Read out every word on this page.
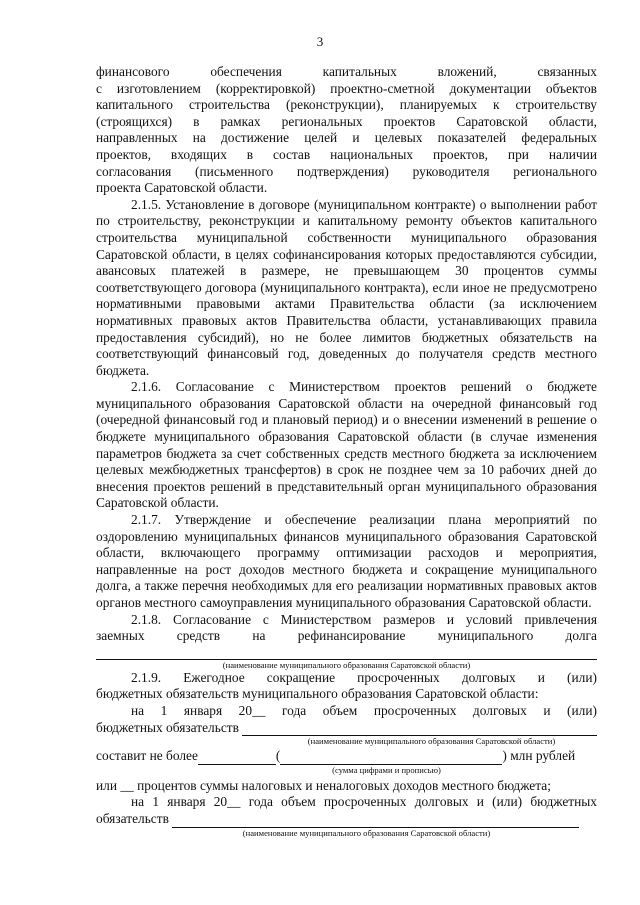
3
финансового обеспечения капитальных вложений, связанных
с изготовлением (корректировкой) проектно-сметной документации объектов
капитального строительства (реконструкции), планируемых к строительству
(строящихся) в рамках региональных проектов Саратовской области,
направленных на достижение целей и целевых показателей федеральных
проектов, входящих в состав национальных проектов, при наличии
согласования (письменного подтверждения) руководителя регионального
проекта Саратовской области.

2.1.5. Установление в договоре (муниципальном контракте) о выполнении работ по строительству, реконструкции и капитальному ремонту объектов капитального строительства муниципальной собственности муниципального образования Саратовской области, в целях софинансирования которых предоставляются субсидии, авансовых платежей в размере, не превышающем 30 процентов суммы соответствующего договора (муниципального контракта), если иное не предусмотрено нормативными правовыми актами Правительства области (за исключением нормативных правовых актов Правительства области, устанавливающих правила предоставления субсидий), но не более лимитов бюджетных обязательств на соответствующий финансовый год, доведенных до получателя средств местного бюджета.

2.1.6. Согласование с Министерством проектов решений о бюджете муниципального образования Саратовской области на очередной финансовый год (очередной финансовый год и плановый период) и о внесении изменений в решение о бюджете муниципального образования Саратовской области (в случае изменения параметров бюджета за счет собственных средств местного бюджета за исключением целевых межбюджетных трансфертов) в срок не позднее чем за 10 рабочих дней до внесения проектов решений в представительный орган муниципального образования Саратовской области.

2.1.7. Утверждение и обеспечение реализации плана мероприятий по оздоровлению муниципальных финансов муниципального образования Саратовской области, включающего программу оптимизации расходов и мероприятия, направленные на рост доходов местного бюджета и сокращение муниципального долга, а также перечня необходимых для его реализации нормативных правовых актов органов местного самоуправления муниципального образования Саратовской области.

2.1.8. Согласование с Министерством размеров и условий привлечения
заемных средств на рефинансирование муниципального долга
(наименование муниципального образования Саратовской области)
2.1.9. Ежегодное сокращение просроченных долговых и (или)
бюджетных обязательств муниципального образования Саратовской области:
на 1 января 20__ года объем просроченных долговых и (или)
бюджетных обязательств
(наименование муниципального образования Саратовской области)
составит не более	(	) млн рублей
(сумма цифрами и прописью)
или __ процентов суммы налоговых и неналоговых доходов местного бюджета;
на 1 января 20__ года объем просроченных долговых и (или) бюджетных
обязательств
(наименование муниципального образования Саратовской области)
